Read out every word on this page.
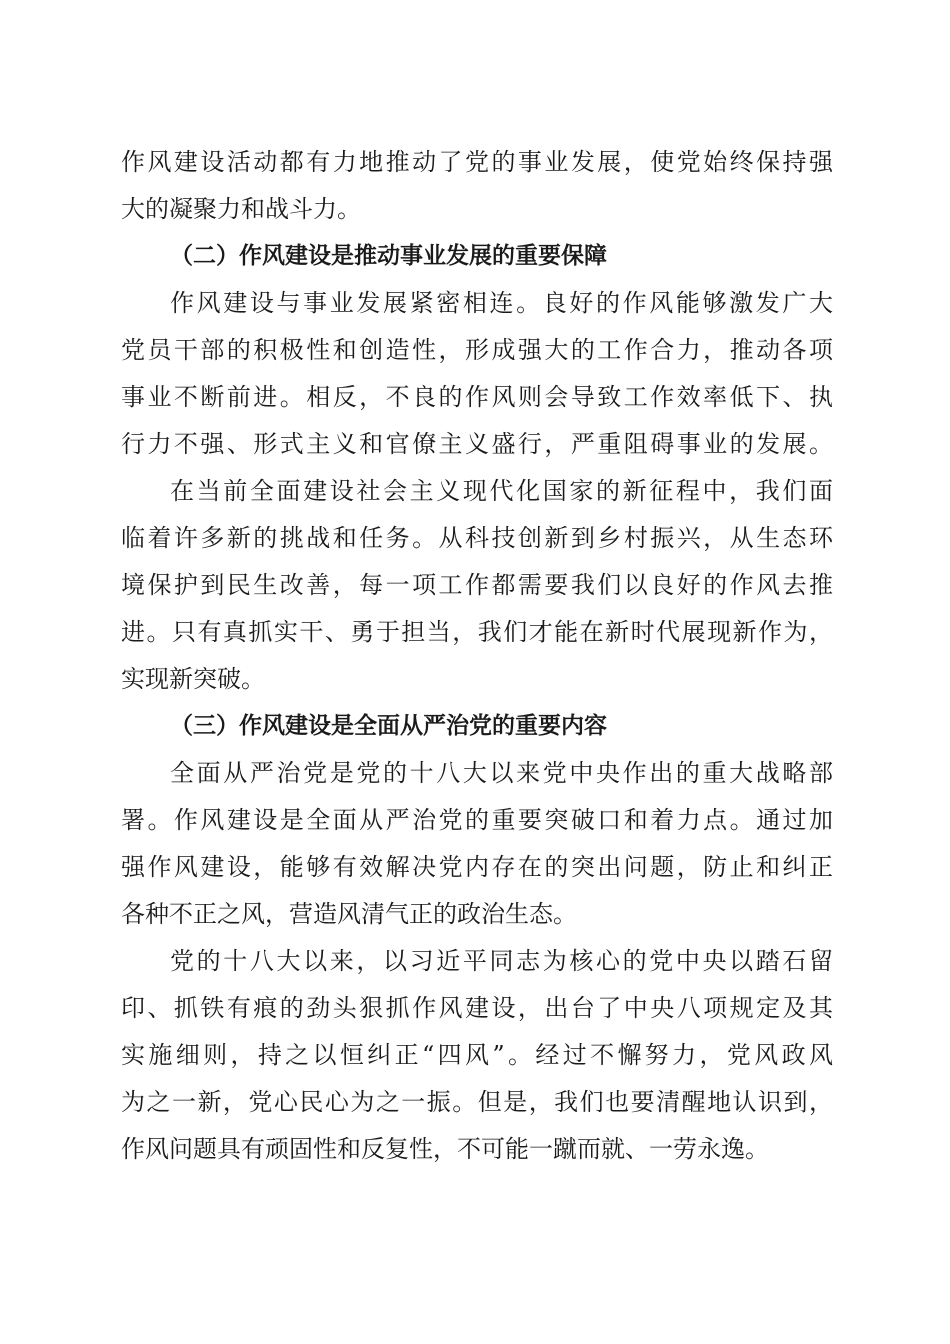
作风建设活动都有力地推动了党的事业发展，使党始终保持强
大的凝聚力和战斗力。
（二）作风建设是推动事业发展的重要保障
作风建设与事业发展紧密相连。良好的作风能够激发广大
党员干部的积极性和创造性，形成强大的工作合力，推动各项
事业不断前进。相反，不良的作风则会导致工作效率低下、执
行力不强、形式主义和官僚主义盛行，严重阻碍事业的发展。
在当前全面建设社会主义现代化国家的新征程中，我们面
临着许多新的挑战和任务。从科技创新到乡村振兴，从生态环
境保护到民生改善，每一项工作都需要我们以良好的作风去推
进。只有真抓实干、勇于担当，我们才能在新时代展现新作为，
实现新突破。
（三）作风建设是全面从严治党的重要内容
全面从严治党是党的十八大以来党中央作出的重大战略部
署。作风建设是全面从严治党的重要突破口和着力点。通过加
强作风建设，能够有效解决党内存在的突出问题，防止和纠正
各种不正之风，营造风清气正的政治生态。
党的十八大以来，以习近平同志为核心的党中央以踏石留
印、抓铁有痕的劲头狠抓作风建设，出台了中央八项规定及其
实施细则，持之以恒纠正“四风”。经过不懈努力，党风政风
为之一新，党心民心为之一振。但是，我们也要清醒地认识到，
作风问题具有顽固性和反复性，不可能一蹴而就、一劳永逸。
